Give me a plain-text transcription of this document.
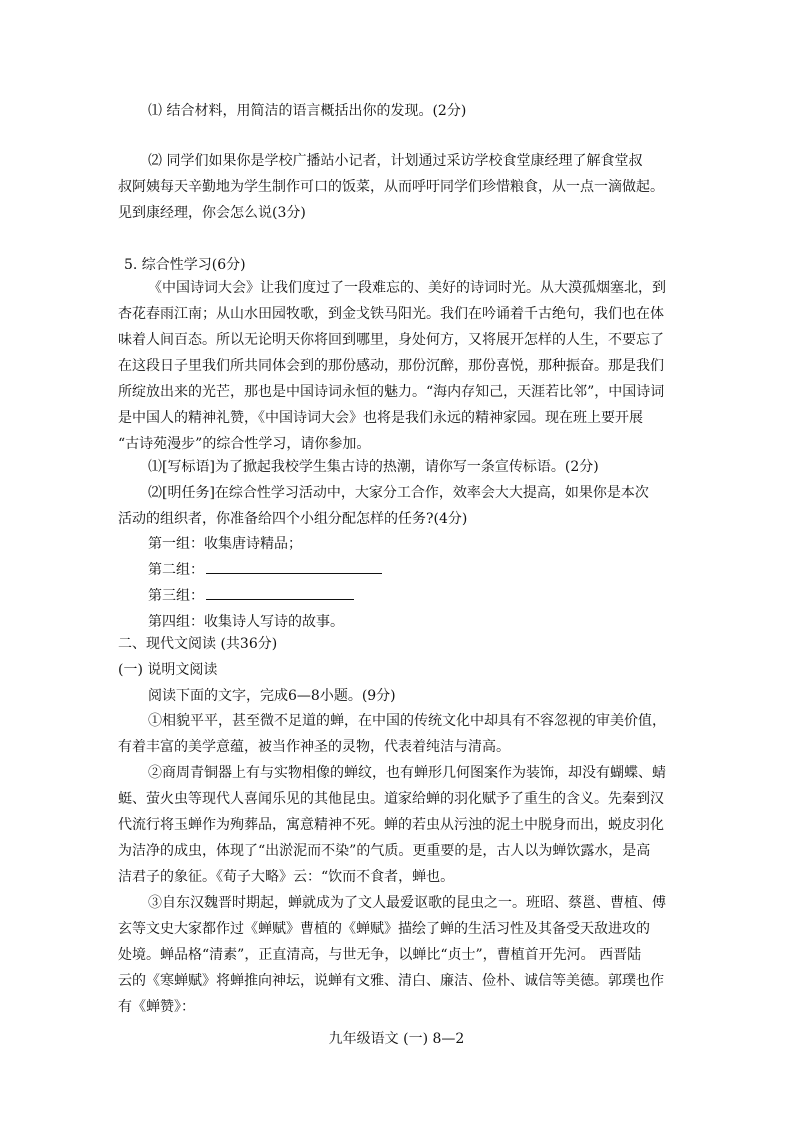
⑴ 结合材料，用简洁的语言概括出你的发现。(2分)
⑵ 同学们如果你是学校广播站小记者，计划通过采访学校食堂康经理了解食堂叔
叔阿姨每天辛勤地为学生制作可口的饭菜，从而呼吁同学们珍惜粮食，从一点一滴做起。
见到康经理，你会怎么说(3分)
5. 综合性学习(6分)
《中国诗词大会》让我们度过了一段难忘的、美好的诗词时光。从大漠孤烟塞北，到
杏花春雨江南；从山水田园牧歌，到金戈铁马阳光。我们在吟诵着千古绝句，我们也在体
味着人间百态。所以无论明天你将回到哪里，身处何方，又将展开怎样的人生，不要忘了
在这段日子里我们所共同体会到的那份感动，那份沉醉，那份喜悦，那种振奋。那是我们
所绽放出来的光芒，那也是中国诗词永恒的魅力。“海内存知己，天涯若比邻”，中国诗词
是中国人的精神礼赞，《中国诗词大会》也将是我们永远的精神家园。现在班上要开展
“古诗苑漫步”的综合性学习，请你参加。
⑴[写标语]为了掀起我校学生集古诗的热潮，请你写一条宣传标语。(2分)
⑵[明任务]在综合性学习活动中，大家分工合作，效率会大大提高，如果你是本次
活动的组织者，你准备给四个小组分配怎样的任务?(4分)
第一组：收集唐诗精品；
第二组：
第三组：
第四组：收集诗人写诗的故事。
二、现代文阅读 (共36分)
(一) 说明文阅读
阅读下面的文字，完成6—8小题。(9分)
①相貌平平，甚至微不足道的蝉，在中国的传统文化中却具有不容忽视的审美价值，
有着丰富的美学意蕴，被当作神圣的灵物，代表着纯洁与清高。
②商周青铜器上有与实物相像的蝉纹，也有蝉形几何图案作为装饰，却没有蝴蝶、蜻
蜓、萤火虫等现代人喜闻乐见的其他昆虫。道家给蝉的羽化赋予了重生的含义。先秦到汉
代流行将玉蝉作为殉葬品，寓意精神不死。蝉的若虫从污浊的泥土中脱身而出，蜕皮羽化
为洁净的成虫，体现了“出淤泥而不染”的气质。更重要的是，古人以为蝉饮露水，是高
洁君子的象征。《荀子大略》云：“饮而不食者，蝉也。
③自东汉魏晋时期起，蝉就成为了文人最爱讴歌的昆虫之一。班昭、蔡邕、曹植、傅
玄等文史大家都作过《蝉赋》曹植的《蝉赋》描绘了蝉的生活习性及其备受天敌进攻的
处境。蝉品格“清素”，正直清高，与世无争，以蝉比“贞士”，曹植首开先河。 西晋陆
云的《寒蝉赋》将蝉推向神坛，说蝉有文雅、清白、廉洁、俭朴、诚信等美德。郭璞也作
有《蝉赞》：
九年级语文 (一) 8—2
